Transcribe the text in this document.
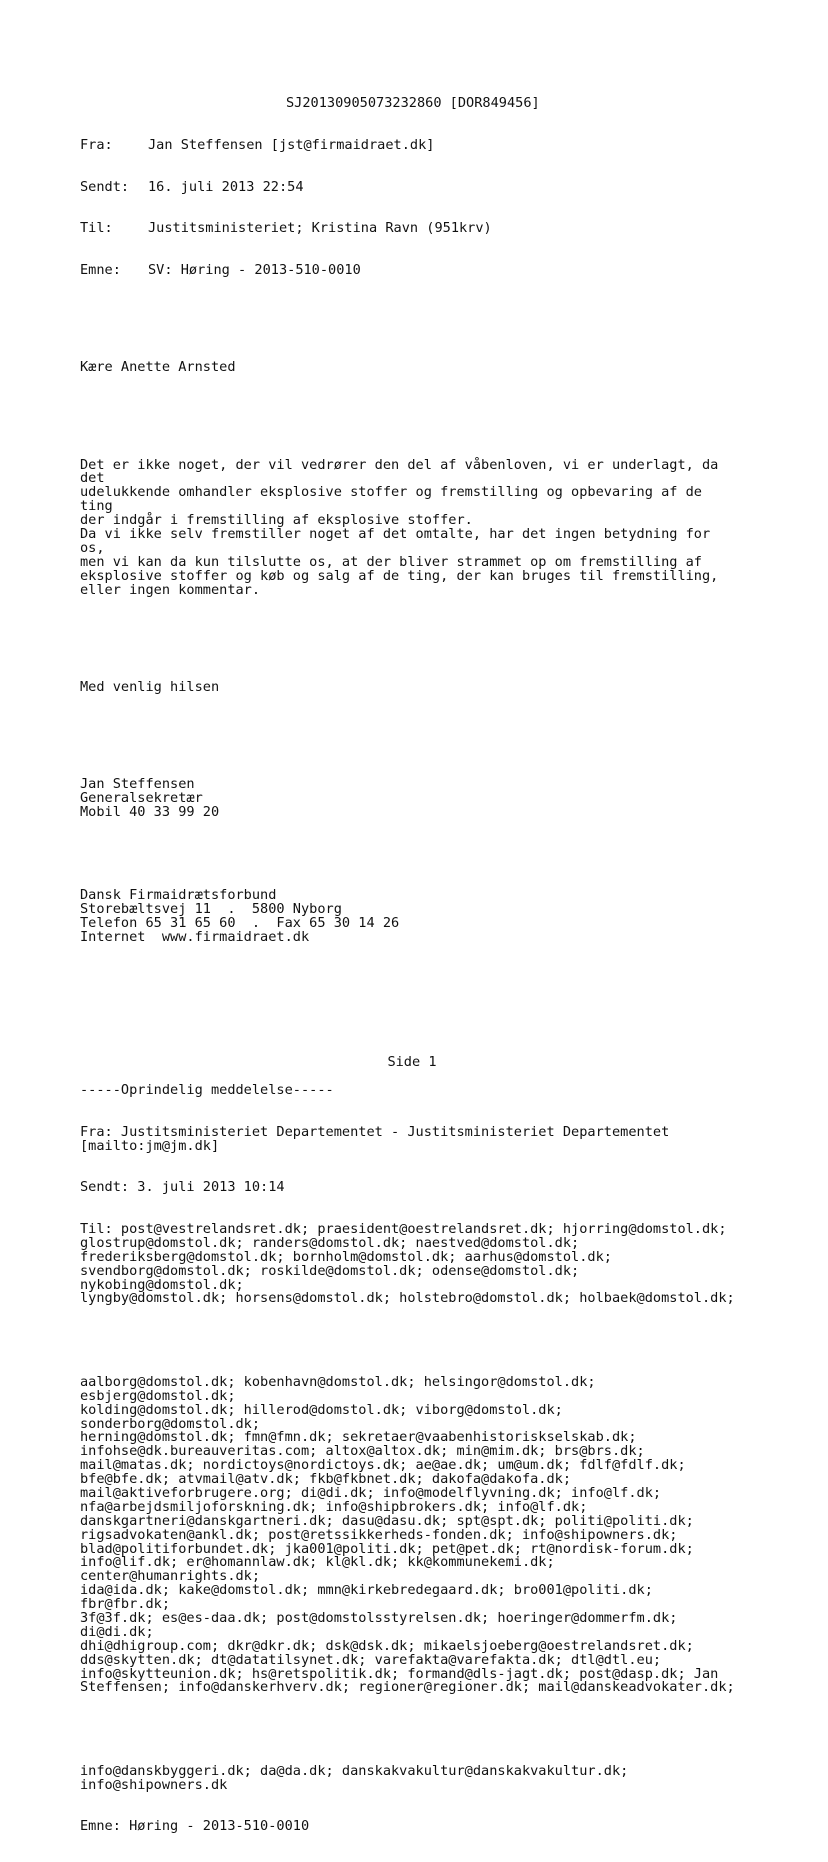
SJ20130905073232860 [DOR849456]

Fra:	Jan Steffensen [jst@firmaidraet.dk]

Sendt:	16. juli 2013 22:54

Til:	Justitsministeriet; Kristina Ravn (951krv)

Emne:	SV: Høring - 2013-510-0010

Kære Anette Arnsted

Det er ikke noget, der vil vedrører den del af våbenloven, vi er underlagt, da
det
udelukkende omhandler eksplosive stoffer og fremstilling og opbevaring af de
ting
der indgår i fremstilling af eksplosive stoffer.
Da vi ikke selv fremstiller noget af det omtalte, har det ingen betydning for
os,
men vi kan da kun tilslutte os, at der bliver strammet op om fremstilling af
eksplosive stoffer og køb og salg af de ting, der kan bruges til fremstilling,
eller ingen kommentar.

Med venlig hilsen

Jan Steffensen
Generalsekretær
Mobil 40 33 99 20

Dansk Firmaidrætsforbund
Storebæltsvej 11  .  5800 Nyborg
Telefon 65 31 65 60  .  Fax 65 30 14 26
Internet  www.firmaidraet.dk

-----Oprindelig meddelelse-----

Fra: Justitsministeriet Departementet - Justitsministeriet Departementet
[mailto:jm@jm.dk]

Sendt: 3. juli 2013 10:14

Til: post@vestrelandsret.dk; praesident@oestrelandsret.dk; hjorring@domstol.dk;
glostrup@domstol.dk; randers@domstol.dk; naestved@domstol.dk;
frederiksberg@domstol.dk; bornholm@domstol.dk; aarhus@domstol.dk;
svendborg@domstol.dk; roskilde@domstol.dk; odense@domstol.dk;
nykobing@domstol.dk;
lyngby@domstol.dk; horsens@domstol.dk; holstebro@domstol.dk; holbaek@domstol.dk;

aalborg@domstol.dk; kobenhavn@domstol.dk; helsingor@domstol.dk;
esbjerg@domstol.dk;
kolding@domstol.dk; hillerod@domstol.dk; viborg@domstol.dk;
sonderborg@domstol.dk;
herning@domstol.dk; fmn@fmn.dk; sekretaer@vaabenhistoriskselskab.dk;
infohse@dk.bureauveritas.com; altox@altox.dk; min@mim.dk; brs@brs.dk;
mail@matas.dk; nordictoys@nordictoys.dk; ae@ae.dk; um@um.dk; fdlf@fdlf.dk;
bfe@bfe.dk; atvmail@atv.dk; fkb@fkbnet.dk; dakofa@dakofa.dk;
mail@aktiveforbrugere.org; di@di.dk; info@modelflyvning.dk; info@lf.dk;
nfa@arbejdsmiljoforskning.dk; info@shipbrokers.dk; info@lf.dk;
danskgartneri@danskgartneri.dk; dasu@dasu.dk; spt@spt.dk; politi@politi.dk;
rigsadvokaten@ankl.dk; post@retssikkerheds-fonden.dk; info@shipowners.dk;
blad@politiforbundet.dk; jka001@politi.dk; pet@pet.dk; rt@nordisk-forum.dk;
info@lif.dk; er@homannlaw.dk; kl@kl.dk; kk@kommunekemi.dk;
center@humanrights.dk;
ida@ida.dk; kake@domstol.dk; mmn@kirkebredegaard.dk; bro001@politi.dk;
fbr@fbr.dk;
3f@3f.dk; es@es-daa.dk; post@domstolsstyrelsen.dk; hoeringer@dommerfm.dk;
di@di.dk;
dhi@dhigroup.com; dkr@dkr.dk; dsk@dsk.dk; mikaelsjoeberg@oestrelandsret.dk;
dds@skytten.dk; dt@datatilsynet.dk; varefakta@varefakta.dk; dtl@dtl.eu;
info@skytteunion.dk; hs@retspolitik.dk; formand@dls-jagt.dk; post@dasp.dk; Jan
Steffensen; info@danskerhverv.dk; regioner@regioner.dk; mail@danskeadvokater.dk;

info@danskbyggeri.dk; da@da.dk; danskakvakultur@danskakvakultur.dk;
info@shipowners.dk

Emne: Høring - 2013-510-0010

Side 1
